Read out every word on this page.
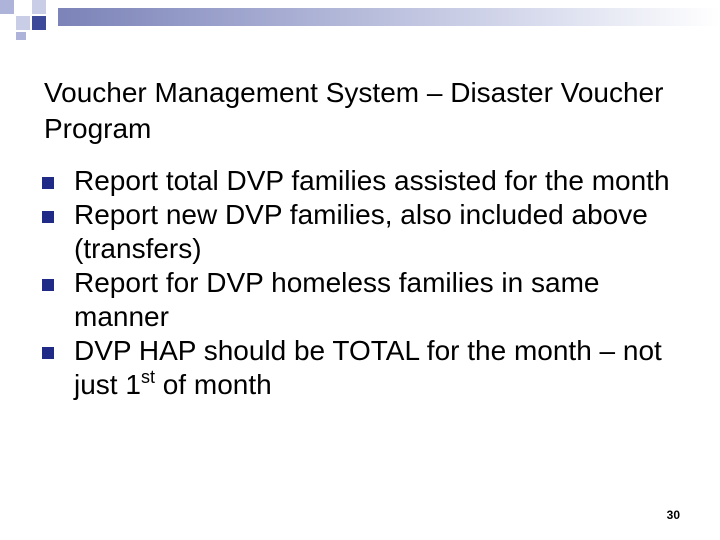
Voucher Management System – Disaster Voucher Program
Report total DVP families assisted for the month
Report new DVP families, also included above (transfers)
Report for DVP homeless families in same manner
DVP HAP should be TOTAL for the month – not just 1st of month
30
